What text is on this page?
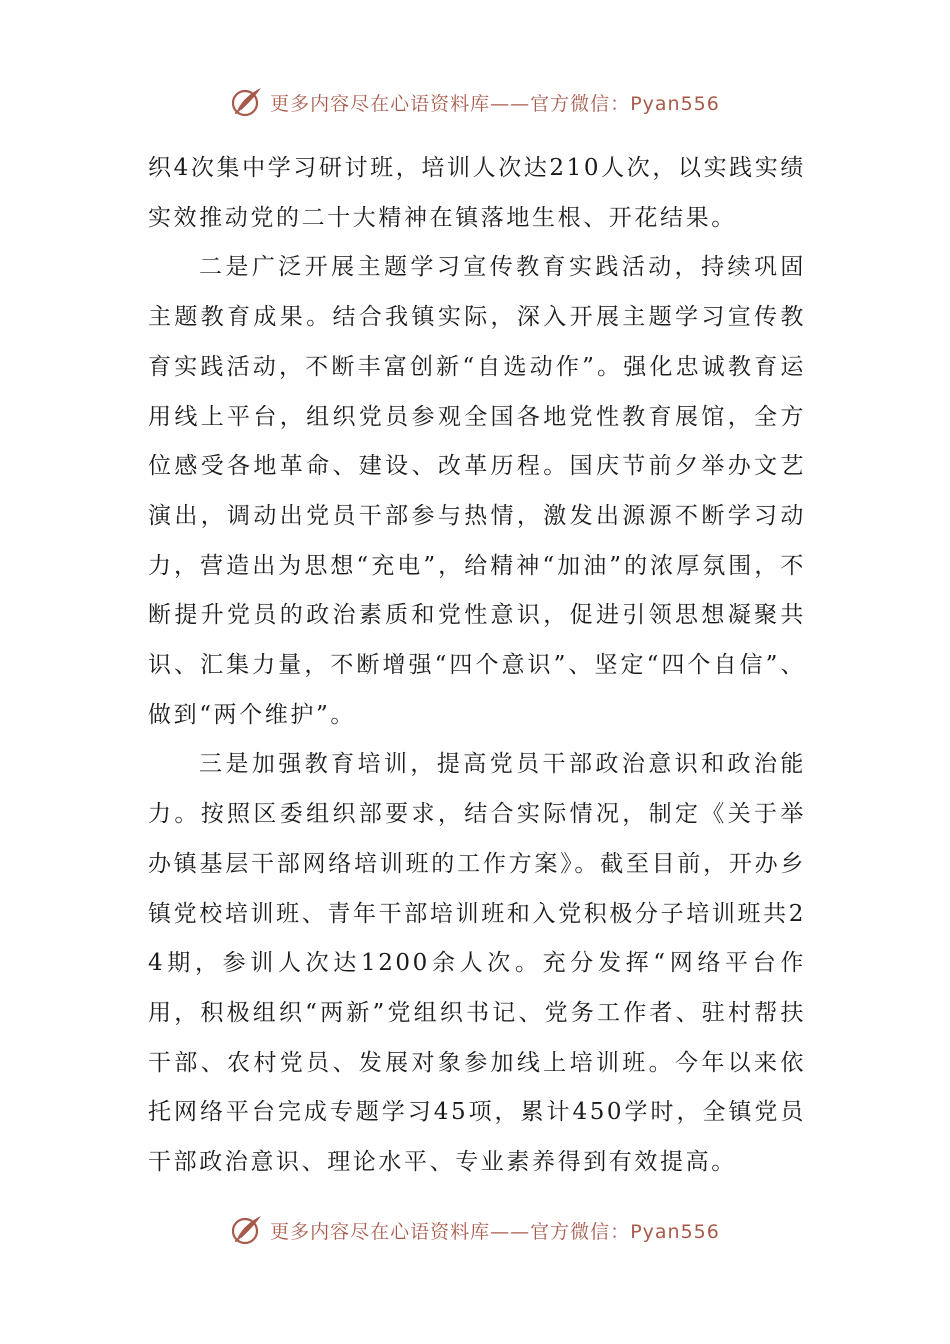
更多内容尽在心语资料库——官方微信：Pyan556

织4次集中学习研讨班，培训人次达210人次，以实践实绩实效推动党的二十大精神在镇落地生根、开花结果。

二是广泛开展主题学习宣传教育实践活动，持续巩固主题教育成果。结合我镇实际，深入开展主题学习宣传教育实践活动，不断丰富创新“自选动作”。强化忠诚教育运用线上平台，组织党员参观全国各地党性教育展馆，全方位感受各地革命、建设、改革历程。国庆节前夕举办文艺演出，调动出党员干部参与热情，激发出源源不断学习动力，营造出为思想“充电”，给精神“加油”的浓厚氛围，不断提升党员的政治素质和党性意识，促进引领思想凝聚共识、汇集力量，不断增强“四个意识”、坚定“四个自信”、做到“两个维护”。

三是加强教育培训，提高党员干部政治意识和政治能力。按照区委组织部要求，结合实际情况，制定《关于举办镇基层干部网络培训班的工作方案》。截至目前，开办乡镇党校培训班、青年干部培训班和入党积极分子培训班共24期，参训人次达1200余人次。充分发挥“网络平台作用，积极组织“两新”党组织书记、党务工作者、驻村帮扶干部、农村党员、发展对象参加线上培训班。今年以来依托网络平台完成专题学习45项，累计450学时，全镇党员干部政治意识、理论水平、专业素养得到有效提高。

更多内容尽在心语资料库——官方微信：Pyan556
